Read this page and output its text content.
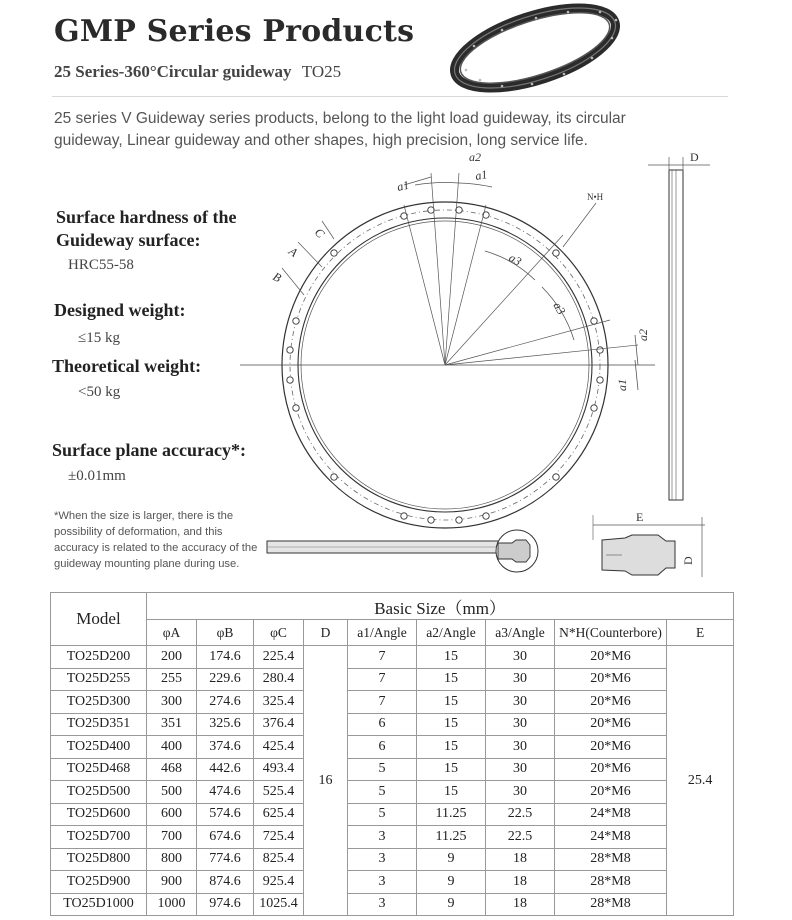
GMP Series Products
25 Series-360°Circular guideway TO25
25 series V Guideway series products, belong to the light load guideway, its circular guideway, Linear guideway and other shapes, high precision, long service life.
Surface hardness of the Guideway surface:
HRC55-58
Designed weight:
≤15 kg
Theoretical weight:
<50 kg
Surface plane accuracy*:
±0.01mm
*When the size is larger, there is the possibility of deformation, and this accuracy is related to the accuracy of the guideway mounting plane during use.
a1
a2
a1
a3
a3
a2
a1
C
A
B
N•H
D
E
D
Model	Basic Size（mm）								
	φA	φB	φC	D	a1/Angle	a2/Angle	a3/Angle	N*H(Counterbore)	E
TO25D200	200	174.6	225.4	16	7	15	30	20*M6	25.4
TO25D255	255	229.6	280.4		7	15	30	20*M6	
TO25D300	300	274.6	325.4		7	15	30	20*M6	
TO25D351	351	325.6	376.4		6	15	30	20*M6	
TO25D400	400	374.6	425.4		6	15	30	20*M6	
TO25D468	468	442.6	493.4		5	15	30	20*M6	
TO25D500	500	474.6	525.4		5	15	30	20*M6	
TO25D600	600	574.6	625.4		5	11.25	22.5	24*M8	
TO25D700	700	674.6	725.4		3	11.25	22.5	24*M8	
TO25D800	800	774.6	825.4		3	9	18	28*M8	
TO25D900	900	874.6	925.4		3	9	18	28*M8	
TO25D1000	1000	974.6	1025.4		3	9	18	28*M8	
